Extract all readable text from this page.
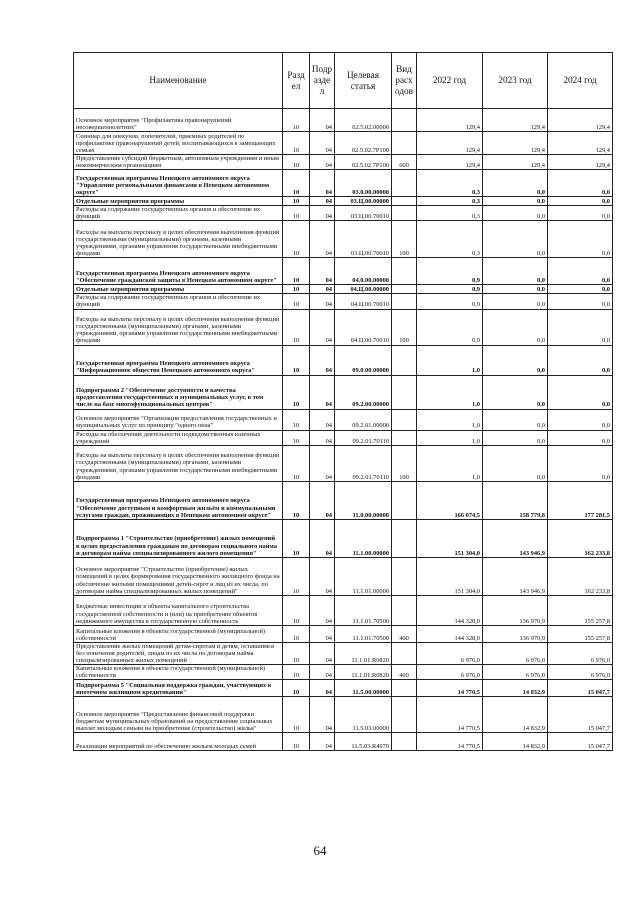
Наименование	Разд ел	Подр азде л	Целевая статья	Вид расх одов	2022 год	2023 год	2024 год
Основное мероприятие "Профилактика правонарушений несовершеннолетних"	10	04	02.5.02.00000		129,4	129,4	129,4
Семинар для опекунов, попечителей, приемных родителей по профилактике правонарушений детей, воспитывающихся в замещающих семьях	10	04	02.5.02.7Р100		129,4	129,4	129,4
Предоставление субсидий бюджетным, автономным учреждениям и иным некоммерческим организациям	10	04	02.5.02.7Р100	600	129,4	129,4	129,4
Государственная программа Ненецкого автономного округа "Управление региональными финансами в Ненецком автономном округе"	10	04	03.0.00.00000		0,3	0,0	0,0
Отдельные мероприятия программы	10	04	03.Ц.00.00000		0,3	0,0	0,0
Расходы на содержание государственных органов и обеспечение их функций	10	04	03.Ц.00.70010		0,3	0,0	0,0
Расходы на выплаты персоналу в целях обеспечения выполнения функций государственными (муниципальными) органами, казенными учреждениями, органами управления государственными внебюджетными фондами	10	04	03.Ц.00.70010	100	0,3	0,0	0,0
Государственная программа Ненецкого автономного округа "Обеспечение гражданской защиты в Ненецком автономном округе"	10	04	04.0.00.00000		0,9	0,0	0,0
Отдельные мероприятия программы	10	04	04.Ц.00.00000		0,9	0,0	0,0
Расходы на содержание государственных органов и обеспечение их функций	10	04	04.Ц.00.70010		0,9	0,0	0,0
Расходы на выплаты персоналу в целях обеспечения выполнения функций государственными (муниципальными) органами, казенными учреждениями, органами управления государственными внебюджетными фондами	10	04	04.Ц.00.70010	100	0,9	0,0	0,0
Государственная программа Ненецкого автономного округа "Информационное общество Ненецкого автономного округа"	10	04	09.0.00.00000		1,0	0,0	0,0
Подпрограмма 2 "Обеспечение доступности и качества предоставления государственных и муниципальных услуг, в том числе на базе многофункциональных центров"	10	04	09.2.00.00000		1,0	0,0	0,0
Основное мероприятие "Организация предоставления государственных и муниципальных услуг по принципу "одного окна"	10	04	09.2.01.00000		1,0	0,0	0,0
Расходы на обеспечение деятельности подведомственных казенных учреждений	10	04	09.2.01.70110		1,0	0,0	0,0
Расходы на выплаты персоналу в целях обеспечения выполнения функций государственными (муниципальными) органами, казенными учреждениями, органами управления государственными внебюджетными фондами	10	04	09.2.01.70110	100	1,0	0,0	0,0
Государственная программа Ненецкого автономного округа "Обеспечение доступным и комфортным жильём и коммунальными услугами граждан, проживающих в Ненецком автономном округе"	10	04	11.0.00.00000		166 074,5	158 779,8	177 281,5
Подпрограмма 1 "Строительство (приобретение) жилых помещений в целях предоставления гражданам по договорам социального найма и договорам найма специализированного жилого помещения"	10	04	11.1.00.00000		151 304,0	143 946,9	162 233,8
Основное мероприятие "Строительство (приобретение) жилых помещений в целях формирования государственного жилищного фонда на обеспечение жилыми помещениями детей-сирот и лиц из их числа, по договорам найма специализированных жилых помещений"	10	04	11.1.01.00000		151 304,0	143 946,9	162 233,8
Бюджетные инвестиции в объекты капитального строительства государственной собственности и (или) на приобретение объектов недвижимого имущества в государственную собственность	10	04	11.1.01.70500		144 328,0	136 970,9	155 257,8
Капитальные вложения в объекты государственной (муниципальной) собственности	10	04	11.1.01.70500	400	144 328,0	136 970,9	155 257,8
Предоставление жилых помещений детям-сиротам и детям, оставшимся без попечения родителей, лицам из их числа по договорам найма специализированных жилых помещений	10	04	11.1.01.R0820		6 976,0	6 976,0	6 976,0
Капитальные вложения в объекты государственной (муниципальной) собственности	10	04	11.1.01.R0820	400	6 976,0	6 976,0	6 976,0
Подпрограмма 5 "Социальная поддержка граждан, участвующих в ипотечном жилищном кредитовании"	10	04	11.5.00.00000		14 770,5	14 832,9	15 047,7
Основное мероприятие "Предоставление финансовой поддержки бюджетам муниципальных образований на предоставление социальных выплат молодым семьям на приобретение (строительство) жилья"	10	04	11.5.03.00000		14 770,5	14 832,9	15 047,7
Реализация мероприятий по обеспечению жильем молодых семей	10	04	11.5.03.R4970		14 770,5	14 832,9	15 047,7
64
